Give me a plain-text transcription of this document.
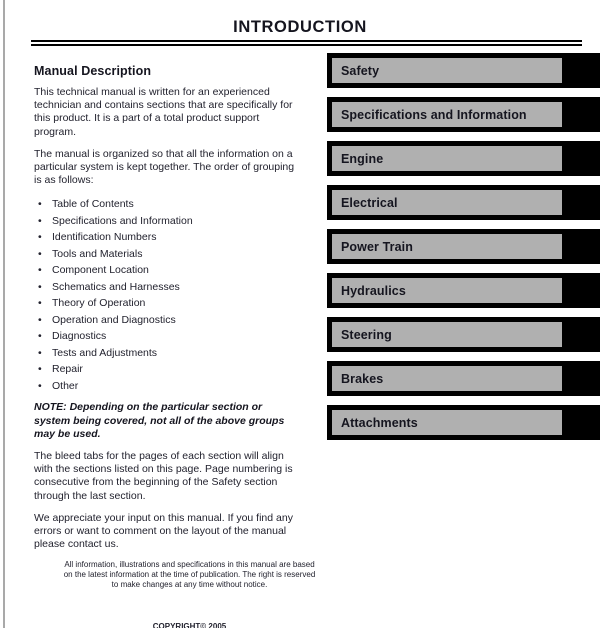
INTRODUCTION
Manual Description

This technical manual is written for an experienced technician and contains sections that are specifically for this product. It is a part of a total product support program.

The manual is organized so that all the information on a particular system is kept together. The order of grouping is as follows:

• Table of Contents
• Specifications and Information
• Identification Numbers
• Tools and Materials
• Component Location
• Schematics and Harnesses
• Theory of Operation
• Operation and Diagnostics
• Diagnostics
• Tests and Adjustments
• Repair
• Other

NOTE: Depending on the particular section or system being covered, not all of the above groups may be used.

The bleed tabs for the pages of each section will align with the sections listed on this page. Page numbering is consecutive from the beginning of the Safety section through the last section.

We appreciate your input on this manual. If you find any errors or want to comment on the layout of the manual please contact us.

Safety
Specifications and Information
Engine
Electrical
Power Train
Hydraulics
Steering
Brakes
Attachments
All information, illustrations and specifications in this manual are based on the latest information at the time of publication. The right is reserved to make changes at any time without notice.
COPYRIGHT© 2005
